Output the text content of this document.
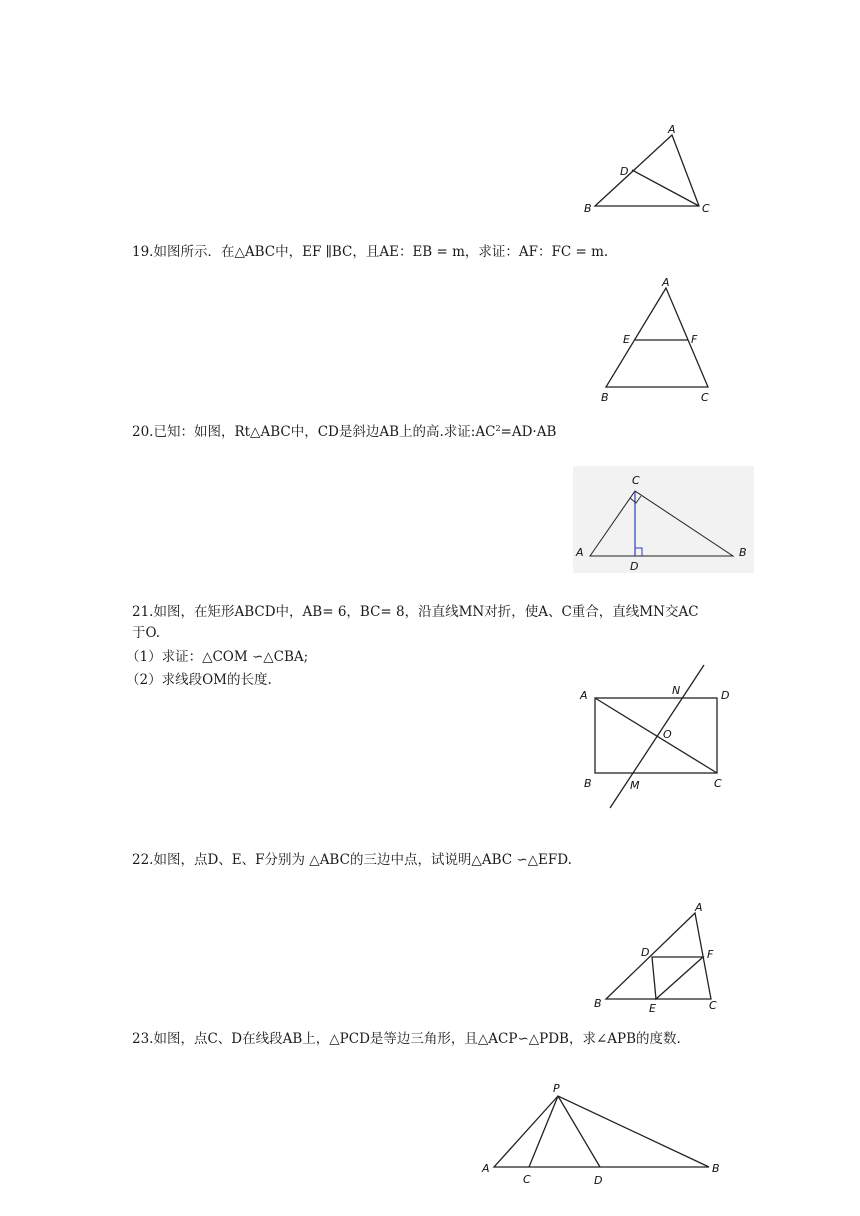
A
B	C
D
19.如图所示．在△ABC中，EF ∥BC，且AE：EB = m，求证：AF：FC = m.
A
E	F
B	C
20.已知：如图，Rt△ABC中，CD是斜边AB上的高.求证$:AC^2=AD\cdot AB$
C
A	B
D
21.如图，在矩形ABCD中，AB= 6，BC= 8，沿直线MN对折，使A、C重合，直线MN交AC
于O.
（1）求证：△COM ∽△CBA;
（2）求线段OM的长度.
A	N	D
O
B	M	C
22.如图，点D、E、F分别为 △ABC的三边中点，试说明△ABC ∽△EFD.
A
D	F
B	E	C
23.如图，点C、D在线段AB上，△PCD是等边三角形，且△ACP∽△PDB，求∠APB的度数.
P
A	B
C	D
